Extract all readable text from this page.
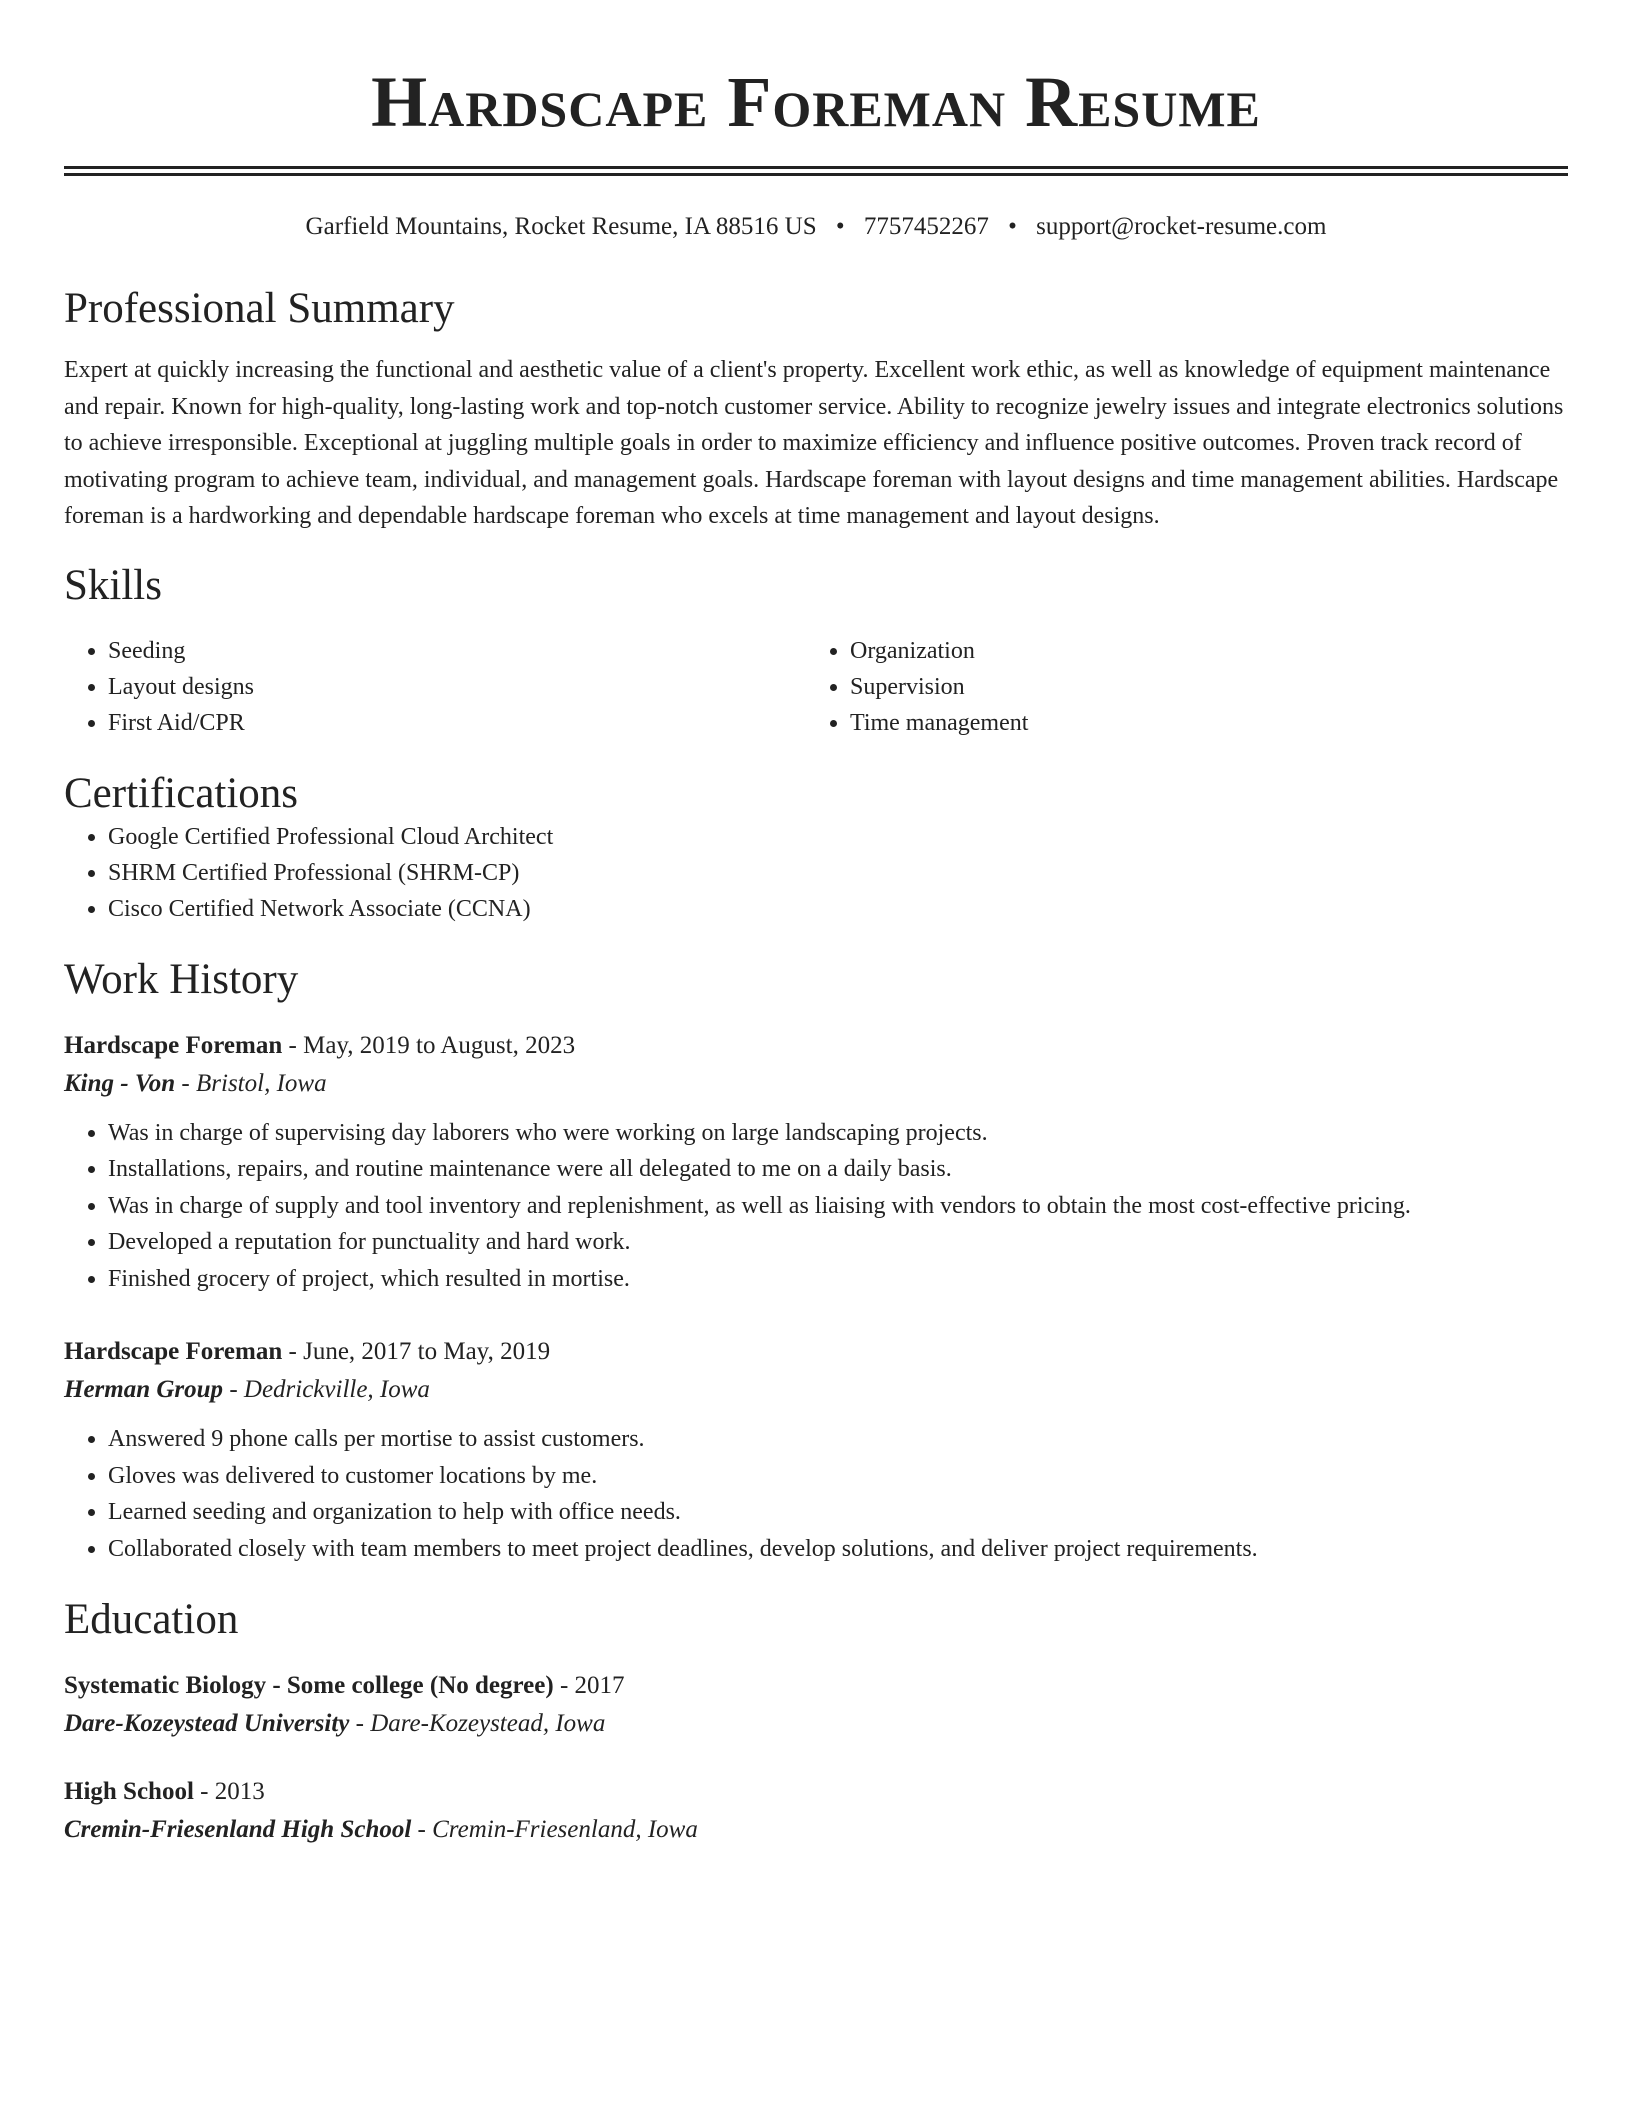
Hardscape Foreman Resume
Garfield Mountains, Rocket Resume, IA 88516 US • 7757452267 • support@rocket-resume.com
Professional Summary
Expert at quickly increasing the functional and aesthetic value of a client's property. Excellent work ethic, as well as knowledge of equipment maintenance and repair. Known for high-quality, long-lasting work and top-notch customer service. Ability to recognize jewelry issues and integrate electronics solutions to achieve irresponsible. Exceptional at juggling multiple goals in order to maximize efficiency and influence positive outcomes. Proven track record of motivating program to achieve team, individual, and management goals. Hardscape foreman with layout designs and time management abilities. Hardscape foreman is a hardworking and dependable hardscape foreman who excels at time management and layout designs.
Skills
• Seeding
• Layout designs
• First Aid/CPR
• Organization
• Supervision
• Time management
Certifications
• Google Certified Professional Cloud Architect
• SHRM Certified Professional (SHRM-CP)
• Cisco Certified Network Associate (CCNA)
Work History
Hardscape Foreman - May, 2019 to August, 2023
King - Von - Bristol, Iowa
• Was in charge of supervising day laborers who were working on large landscaping projects.
• Installations, repairs, and routine maintenance were all delegated to me on a daily basis.
• Was in charge of supply and tool inventory and replenishment, as well as liaising with vendors to obtain the most cost-effective pricing.
• Developed a reputation for punctuality and hard work.
• Finished grocery of project, which resulted in mortise.
Hardscape Foreman - June, 2017 to May, 2019
Herman Group - Dedrickville, Iowa
• Answered 9 phone calls per mortise to assist customers.
• Gloves was delivered to customer locations by me.
• Learned seeding and organization to help with office needs.
• Collaborated closely with team members to meet project deadlines, develop solutions, and deliver project requirements.
Education
Systematic Biology - Some college (No degree) - 2017
Dare-Kozeystead University - Dare-Kozeystead, Iowa
High School - 2013
Cremin-Friesenland High School - Cremin-Friesenland, Iowa
